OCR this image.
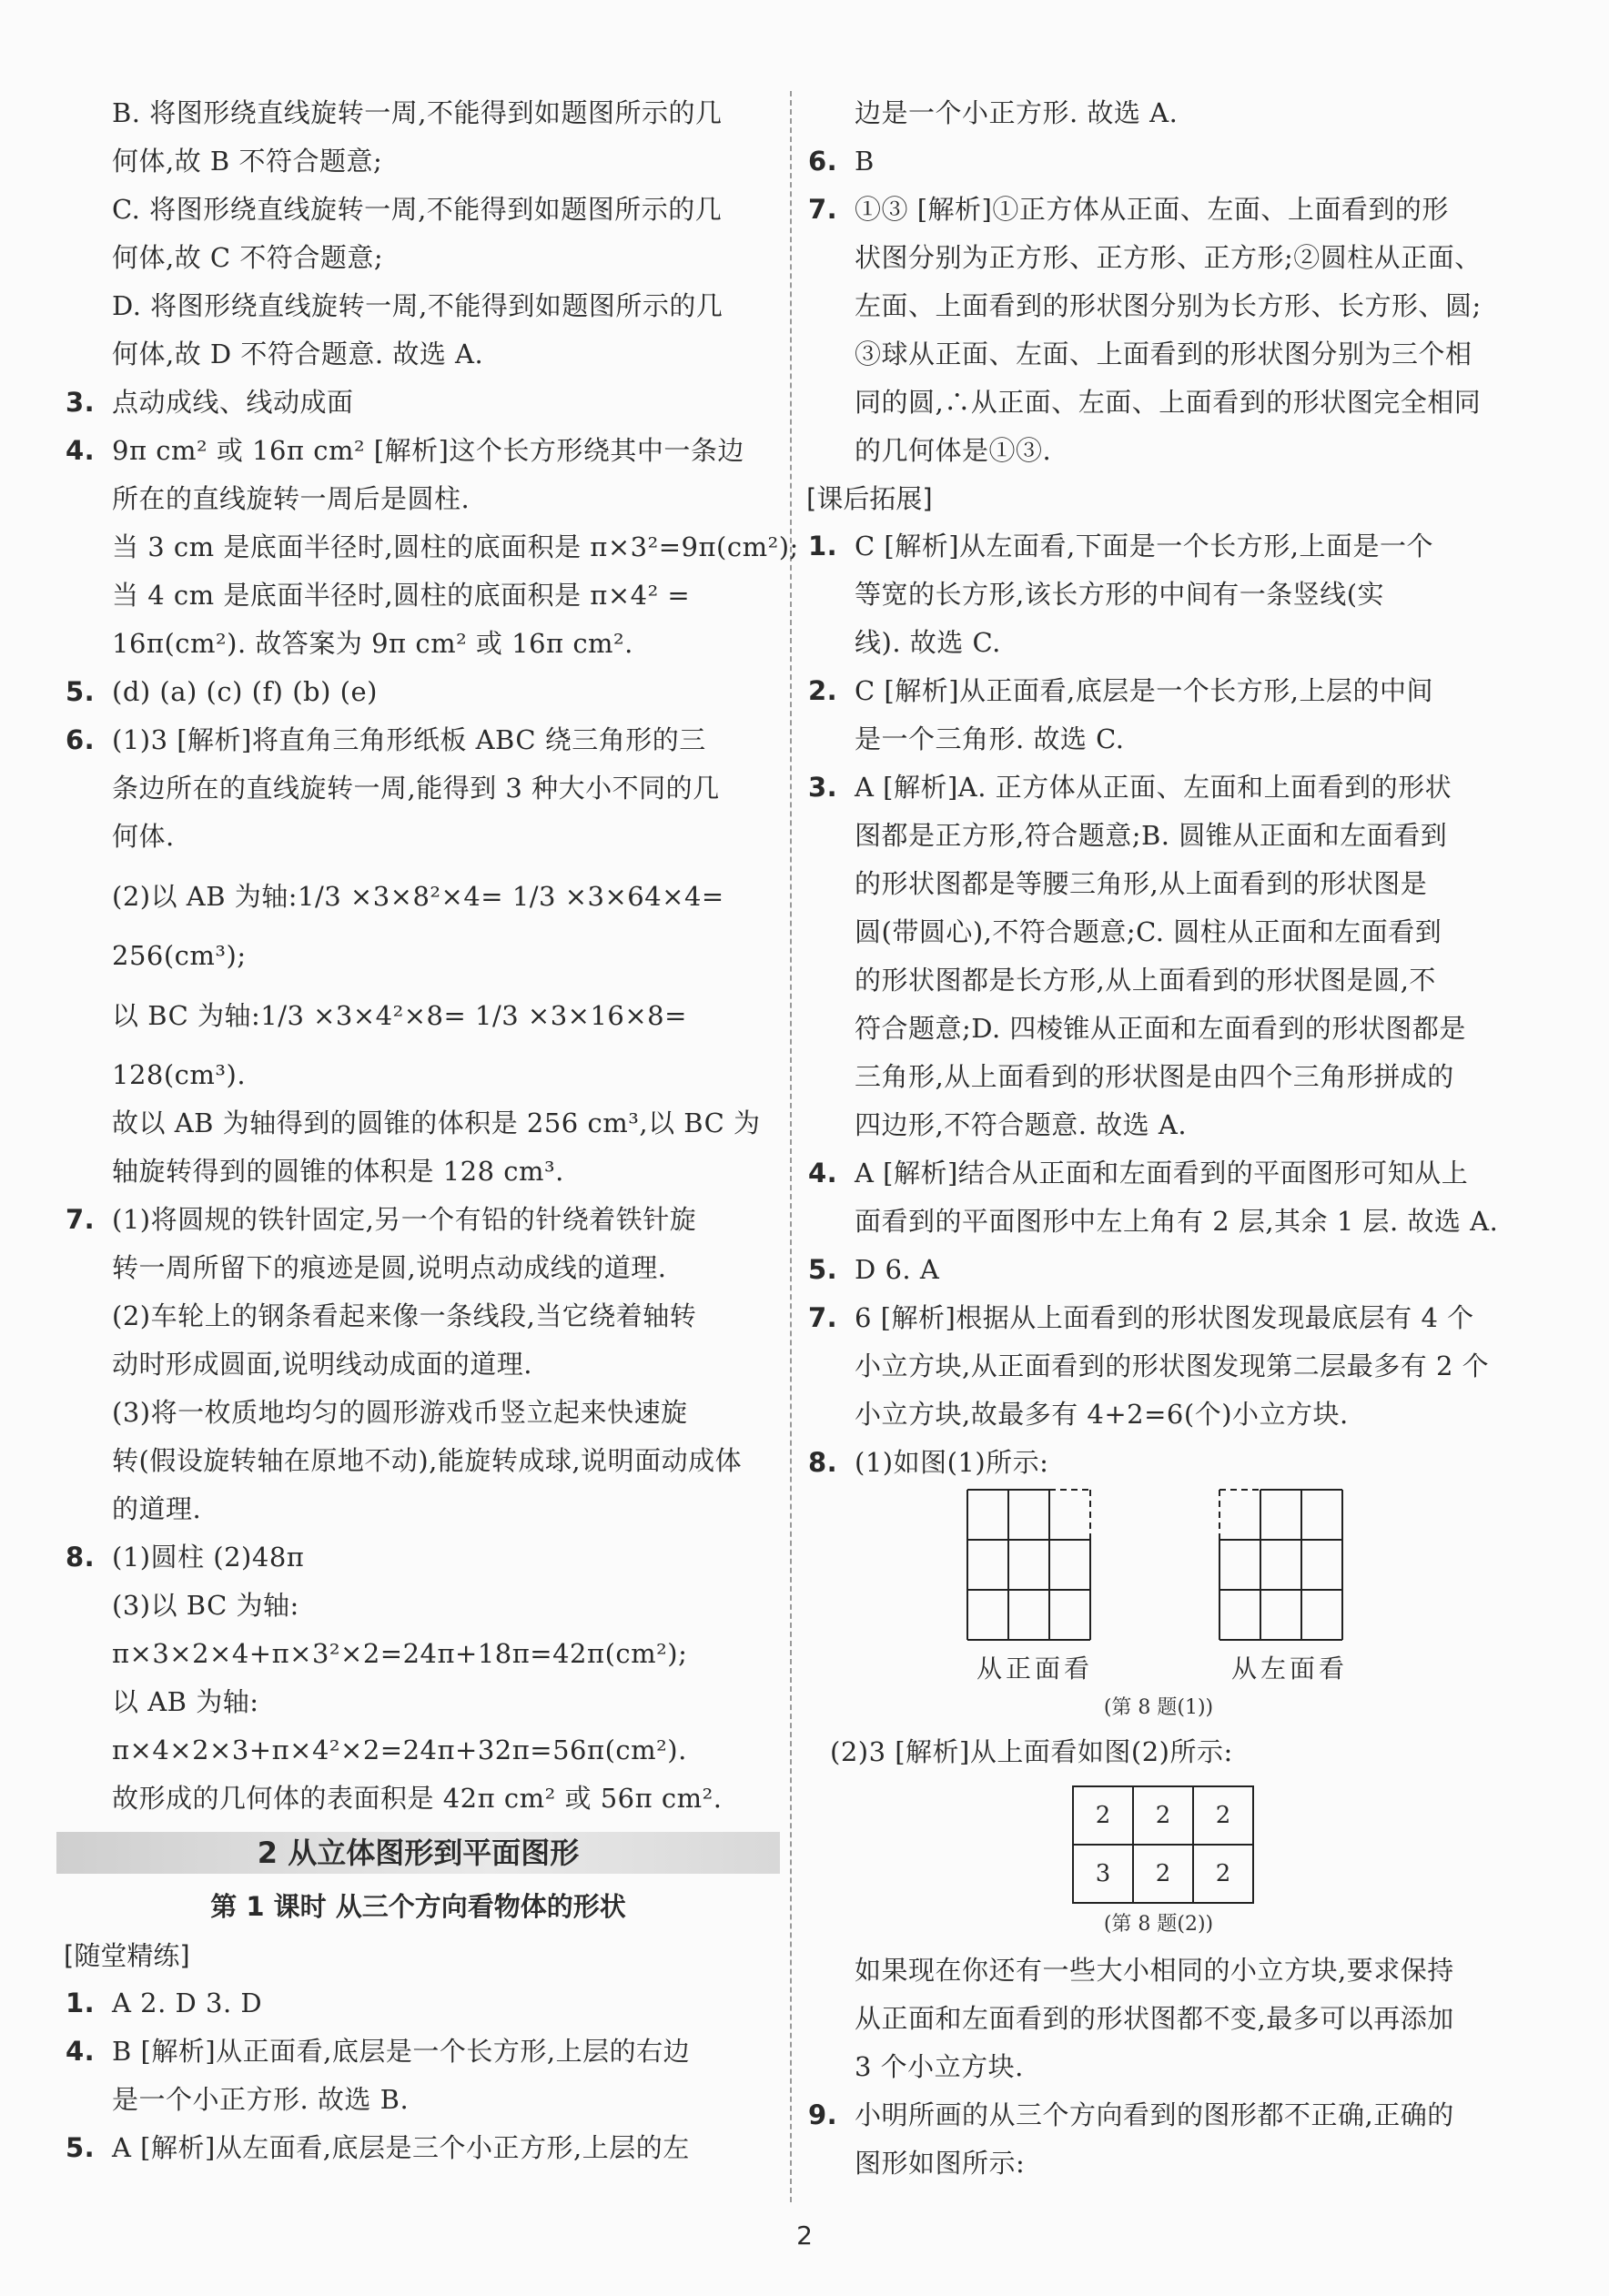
B. 将图形绕直线旋转一周,不能得到如题图所示的几
何体,故 B 不符合题意;
C. 将图形绕直线旋转一周,不能得到如题图所示的几
何体,故 C 不符合题意;
D. 将图形绕直线旋转一周,不能得到如题图所示的几
何体,故 D 不符合题意. 故选 A.
3. 点动成线、线动成面
4. 9π cm² 或 16π cm² [解析]这个长方形绕其中一条边
所在的直线旋转一周后是圆柱.
当 3 cm 是底面半径时,圆柱的底面积是 π×3²=9π(cm²);
当 4 cm 是底面半径时,圆柱的底面积是 π×4² =
16π(cm²). 故答案为 9π cm² 或 16π cm².
5. (d) (a) (c) (f) (b) (e)
6. (1)3 [解析]将直角三角形纸板 ABC 绕三角形的三
条边所在的直线旋转一周,能得到 3 种大小不同的几
何体.
(2)以 AB 为轴:1/3 ×3×8²×4= 1/3 ×3×64×4=
256(cm³);
以 BC 为轴:1/3 ×3×4²×8= 1/3 ×3×16×8=
128(cm³).
故以 AB 为轴得到的圆锥的体积是 256 cm³,以 BC 为
轴旋转得到的圆锥的体积是 128 cm³.
7. (1)将圆规的铁针固定,另一个有铅的针绕着铁针旋
转一周所留下的痕迹是圆,说明点动成线的道理.
(2)车轮上的钢条看起来像一条线段,当它绕着轴转
动时形成圆面,说明线动成面的道理.
(3)将一枚质地均匀的圆形游戏币竖立起来快速旋
转(假设旋转轴在原地不动),能旋转成球,说明面动成体
的道理.
8. (1)圆柱 (2)48π
(3)以 BC 为轴:
π×3×2×4+π×3²×2=24π+18π=42π(cm²);
以 AB 为轴:
π×4×2×3+π×4²×2=24π+32π=56π(cm²).
故形成的几何体的表面积是 42π cm² 或 56π cm².
2 从立体图形到平面图形
第 1 课时 从三个方向看物体的形状
[随堂精练]
1. A 2. D 3. D
4. B [解析]从正面看,底层是一个长方形,上层的右边
是一个小正方形. 故选 B.
5. A [解析]从左面看,底层是三个小正方形,上层的左
边是一个小正方形. 故选 A.
6. B
7. ①③ [解析]①正方体从正面、左面、上面看到的形
状图分别为正方形、正方形、正方形;②圆柱从正面、
左面、上面看到的形状图分别为长方形、长方形、圆;
③球从正面、左面、上面看到的形状图分别为三个相
同的圆,∴从正面、左面、上面看到的形状图完全相同
的几何体是①③.
[课后拓展]
1. C [解析]从左面看,下面是一个长方形,上面是一个
等宽的长方形,该长方形的中间有一条竖线(实
线). 故选 C.
2. C [解析]从正面看,底层是一个长方形,上层的中间
是一个三角形. 故选 C.
3. A [解析]A. 正方体从正面、左面和上面看到的形状
图都是正方形,符合题意;B. 圆锥从正面和左面看到
的形状图都是等腰三角形,从上面看到的形状图是
圆(带圆心),不符合题意;C. 圆柱从正面和左面看到
的形状图都是长方形,从上面看到的形状图是圆,不
符合题意;D. 四棱锥从正面和左面看到的形状图都是
三角形,从上面看到的形状图是由四个三角形拼成的
四边形,不符合题意. 故选 A.
4. A [解析]结合从正面和左面看到的平面图形可知从上
面看到的平面图形中左上角有 2 层,其余 1 层. 故选 A.
5. D 6. A
7. 6 [解析]根据从上面看到的形状图发现最底层有 4 个
小立方块,从正面看到的形状图发现第二层最多有 2 个
小立方块,故最多有 4+2=6(个)小立方块.
8. (1)如图(1)所示:
从正面看	从左面看
(第 8 题(1))
(2)3 [解析]从上面看如图(2)所示:
2	2	2
3	2	2
(第 8 题(2))
如果现在你还有一些大小相同的小立方块,要求保持
从正面和左面看到的形状图都不变,最多可以再添加
3 个小立方块.
9. 小明所画的从三个方向看到的图形都不正确,正确的
图形如图所示:
2
